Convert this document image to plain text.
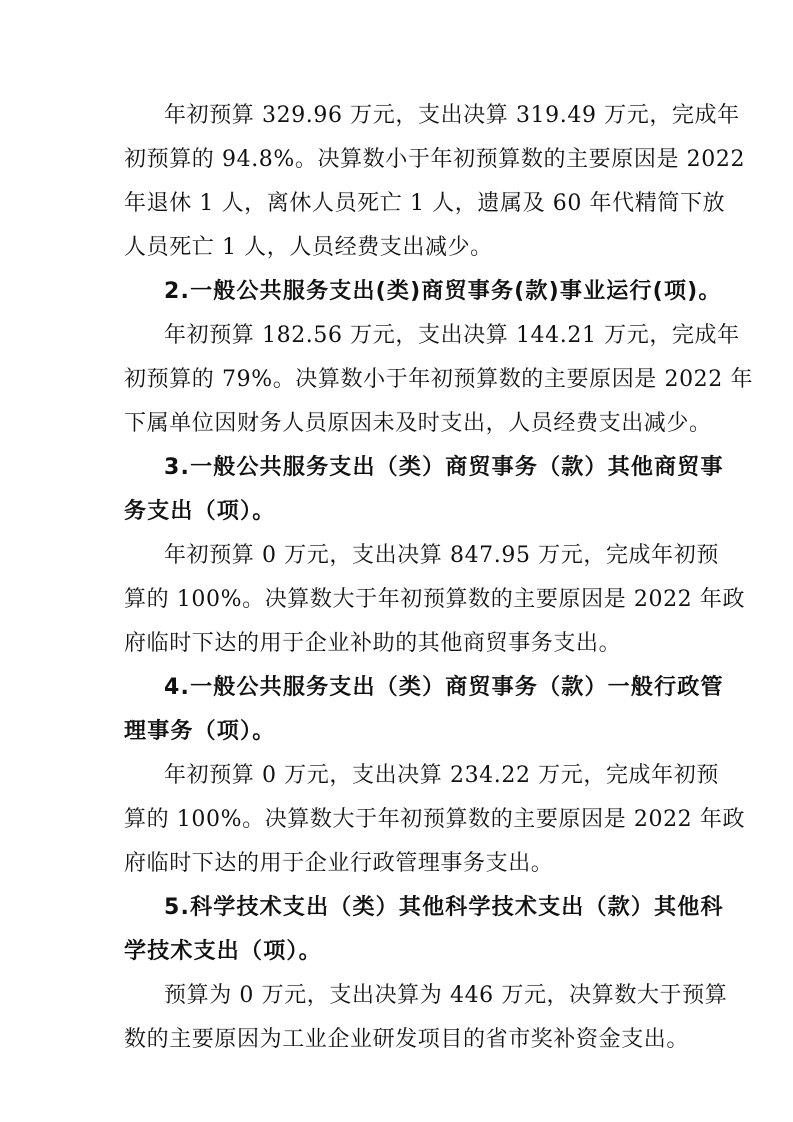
年初预算 329.96 万元，支出决算 319.49 万元，完成年
初预算的 94.8%。决算数小于年初预算数的主要原因是 2022
年退休 1 人，离休人员死亡 1 人，遗属及 60 年代精简下放
人员死亡 1 人，人员经费支出减少。
2.一般公共服务支出(类)商贸事务(款)事业运行(项)。
年初预算 182.56 万元，支出决算 144.21 万元，完成年
初预算的 79%。决算数小于年初预算数的主要原因是 2022 年
下属单位因财务人员原因未及时支出，人员经费支出减少。
3.一般公共服务支出（类）商贸事务（款）其他商贸事
务支出（项）。
年初预算 0 万元，支出决算 847.95 万元，完成年初预
算的 100%。决算数大于年初预算数的主要原因是 2022 年政
府临时下达的用于企业补助的其他商贸事务支出。
4.一般公共服务支出（类）商贸事务（款）一般行政管
理事务（项）。
年初预算 0 万元，支出决算 234.22 万元，完成年初预
算的 100%。决算数大于年初预算数的主要原因是 2022 年政
府临时下达的用于企业行政管理事务支出。
5.科学技术支出（类）其他科学技术支出（款）其他科
学技术支出（项）。
预算为 0 万元，支出决算为 446 万元，决算数大于预算
数的主要原因为工业企业研发项目的省市奖补资金支出。
